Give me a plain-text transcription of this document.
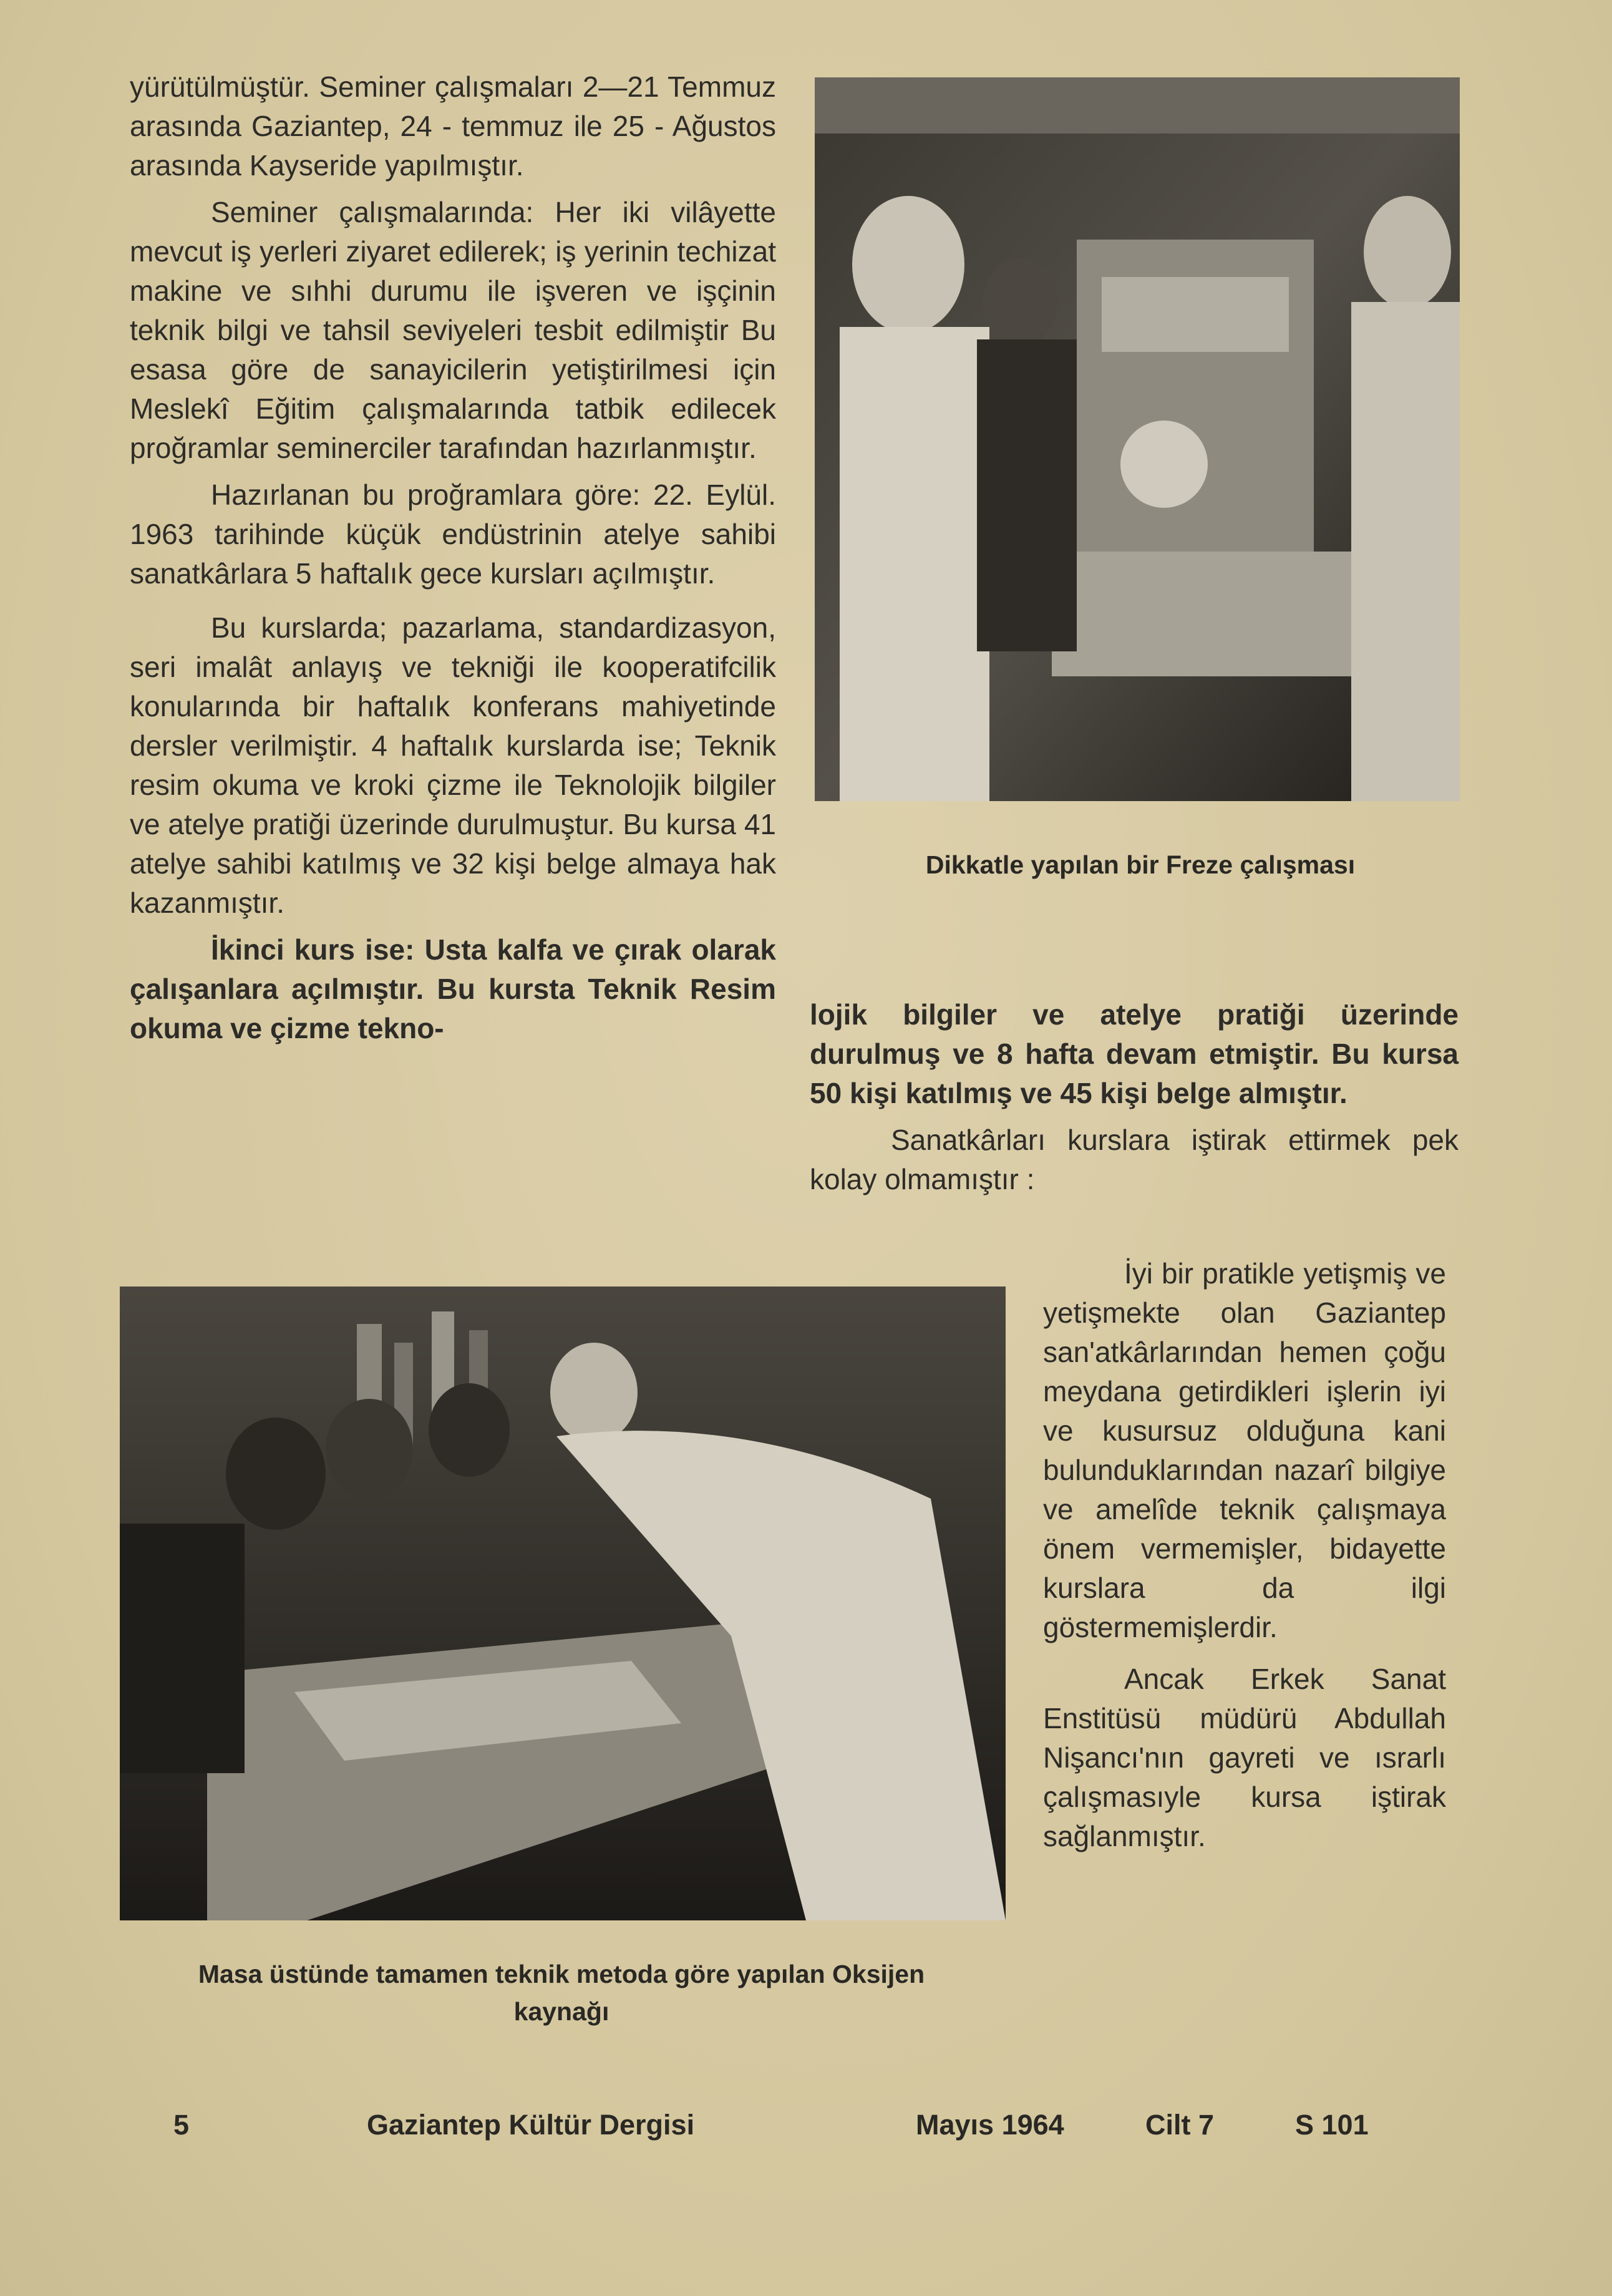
yürütülmüştür. Seminer çalışmaları 2—21 Temmuz arasında Gaziantep, 24 - temmuz ile 25 - Ağustos arasında Kayseride yapılmıştır.

Seminer çalışmalarında: Her iki vilâyette mevcut iş yerleri ziyaret edilerek; iş yerinin techizat makine ve sıhhi durumu ile işveren ve işçinin teknik bilgi ve tahsil seviyeleri tesbit edilmiştir Bu esasa göre de sanayicilerin yetiştirilmesi için Meslekî Eğitim çalışmalarında tatbik edilecek proğramlar seminerciler tarafından hazırlanmıştır.

Hazırlanan bu proğramlara göre: 22. Eylül. 1963 tarihinde küçük endüstrinin atelye sahibi sanatkârlara 5 haftalık gece kursları açılmıştır.

Bu kurslarda; pazarlama, standardizasyon, seri imalât anlayış ve tekniği ile kooperatifcilik konularında bir haftalık konferans mahiyetinde dersler verilmiştir. 4 haftalık kurslarda ise; Teknik resim okuma ve kroki çizme ile Teknolojik bilgiler ve atelye pratiği üzerinde durulmuştur. Bu kursa 41 atelye sahibi katılmış ve 32 kişi belge almaya hak kazanmıştır.

İkinci kurs ise: Usta kalfa ve çırak olarak çalışanlara açılmıştır. Bu kursta Teknik Resim okuma ve çizme tekno-

Dikkatle yapılan bir Freze çalışması

lojik bilgiler ve atelye pratiği üzerinde durulmuş ve 8 hafta devam etmiştir. Bu kursa 50 kişi katılmış ve 45 kişi belge almıştır.

Sanatkârları kurslara iştirak ettirmek pek kolay olmamıştır :

İyi bir pratikle yetişmiş ve yetişmekte olan Gaziantep san'atkârlarından hemen çoğu meydana getirdikleri işlerin iyi ve kusursuz olduğuna kani bulunduklarından nazarî bilgiye ve amelîde teknik çalışmaya önem vermemişler, bidayette kurslara da ilgi göstermemişlerdir.

Ancak Erkek Sanat Enstitüsü müdürü Abdullah Nişancı'nın gayreti ve ısrarlı çalışmasıyle kursa iştirak sağlanmıştır.

Masa üstünde tamamen teknik metoda göre yapılan Oksijen kaynağı
5	Gaziantep Kültür Dergisi	Mayıs 1964	Cilt 7	S 101
